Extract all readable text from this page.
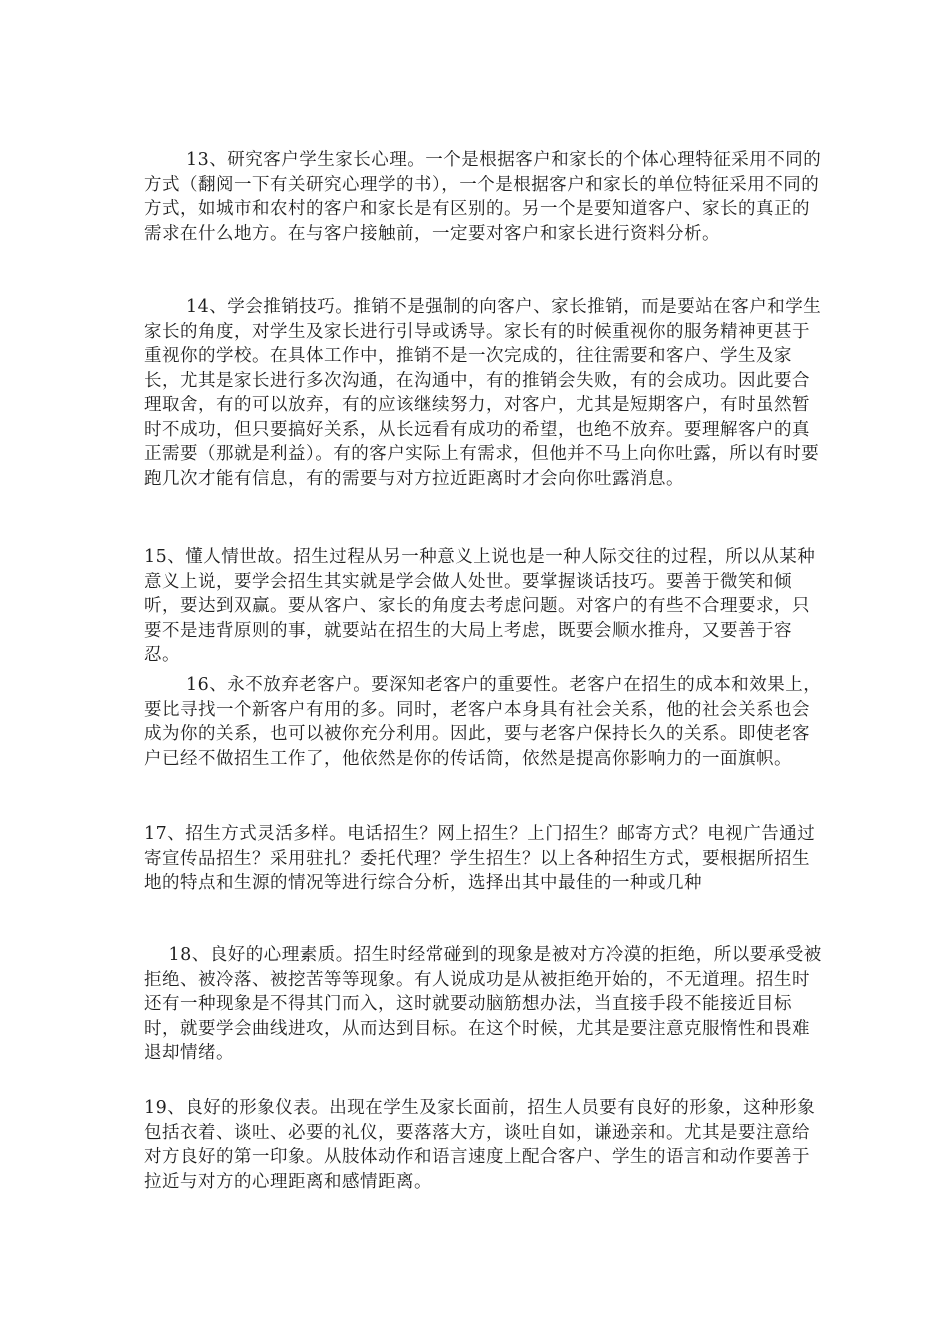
13、研究客户学生家长心理。一个是根据客户和家长的个体心理特征采用不同的方式（翻阅一下有关研究心理学的书），一个是根据客户和家长的单位特征采用不同的方式，如城市和农村的客户和家长是有区别的。另一个是要知道客户、家长的真正的需求在什么地方。在与客户接触前，一定要对客户和家长进行资料分析。

14、学会推销技巧。推销不是强制的向客户、家长推销，而是要站在客户和学生家长的角度，对学生及家长进行引导或诱导。家长有的时候重视你的服务精神更甚于重视你的学校。在具体工作中，推销不是一次完成的，往往需要和客户、学生及家长，尤其是家长进行多次沟通，在沟通中，有的推销会失败，有的会成功。因此要合理取舍，有的可以放弃，有的应该继续努力，对客户，尤其是短期客户，有时虽然暂时不成功，但只要搞好关系，从长远看有成功的希望，也绝不放弃。要理解客户的真正需要（那就是利益）。有的客户实际上有需求，但他并不马上向你吐露，所以有时要跑几次才能有信息，有的需要与对方拉近距离时才会向你吐露消息。

15、懂人情世故。招生过程从另一种意义上说也是一种人际交往的过程，所以从某种意义上说，要学会招生其实就是学会做人处世。要掌握谈话技巧。要善于微笑和倾听，要达到双赢。要从客户、家长的角度去考虑问题。对客户的有些不合理要求，只要不是违背原则的事，就要站在招生的大局上考虑，既要会顺水推舟，又要善于容忍。

16、永不放弃老客户。要深知老客户的重要性。老客户在招生的成本和效果上，要比寻找一个新客户有用的多。同时，老客户本身具有社会关系，他的社会关系也会成为你的关系，也可以被你充分利用。因此，要与老客户保持长久的关系。即使老客户已经不做招生工作了，他依然是你的传话筒，依然是提高你影响力的一面旗帜。

17、招生方式灵活多样。电话招生？网上招生？上门招生？邮寄方式？电视广告通过寄宣传品招生？采用驻扎？委托代理？学生招生？以上各种招生方式，要根据所招生地的特点和生源的情况等进行综合分析，选择出其中最佳的一种或几种

18、良好的心理素质。招生时经常碰到的现象是被对方冷漠的拒绝，所以要承受被拒绝、被冷落、被挖苦等等现象。有人说成功是从被拒绝开始的，不无道理。招生时还有一种现象是不得其门而入，这时就要动脑筋想办法，当直接手段不能接近目标时，就要学会曲线进攻，从而达到目标。在这个时候，尤其是要注意克服惰性和畏难退却情绪。

19、良好的形象仪表。出现在学生及家长面前，招生人员要有良好的形象，这种形象包括衣着、谈吐、必要的礼仪，要落落大方，谈吐自如，谦逊亲和。尤其是要注意给对方良好的第一印象。从肢体动作和语言速度上配合客户、学生的语言和动作要善于拉近与对方的心理距离和感情距离。
